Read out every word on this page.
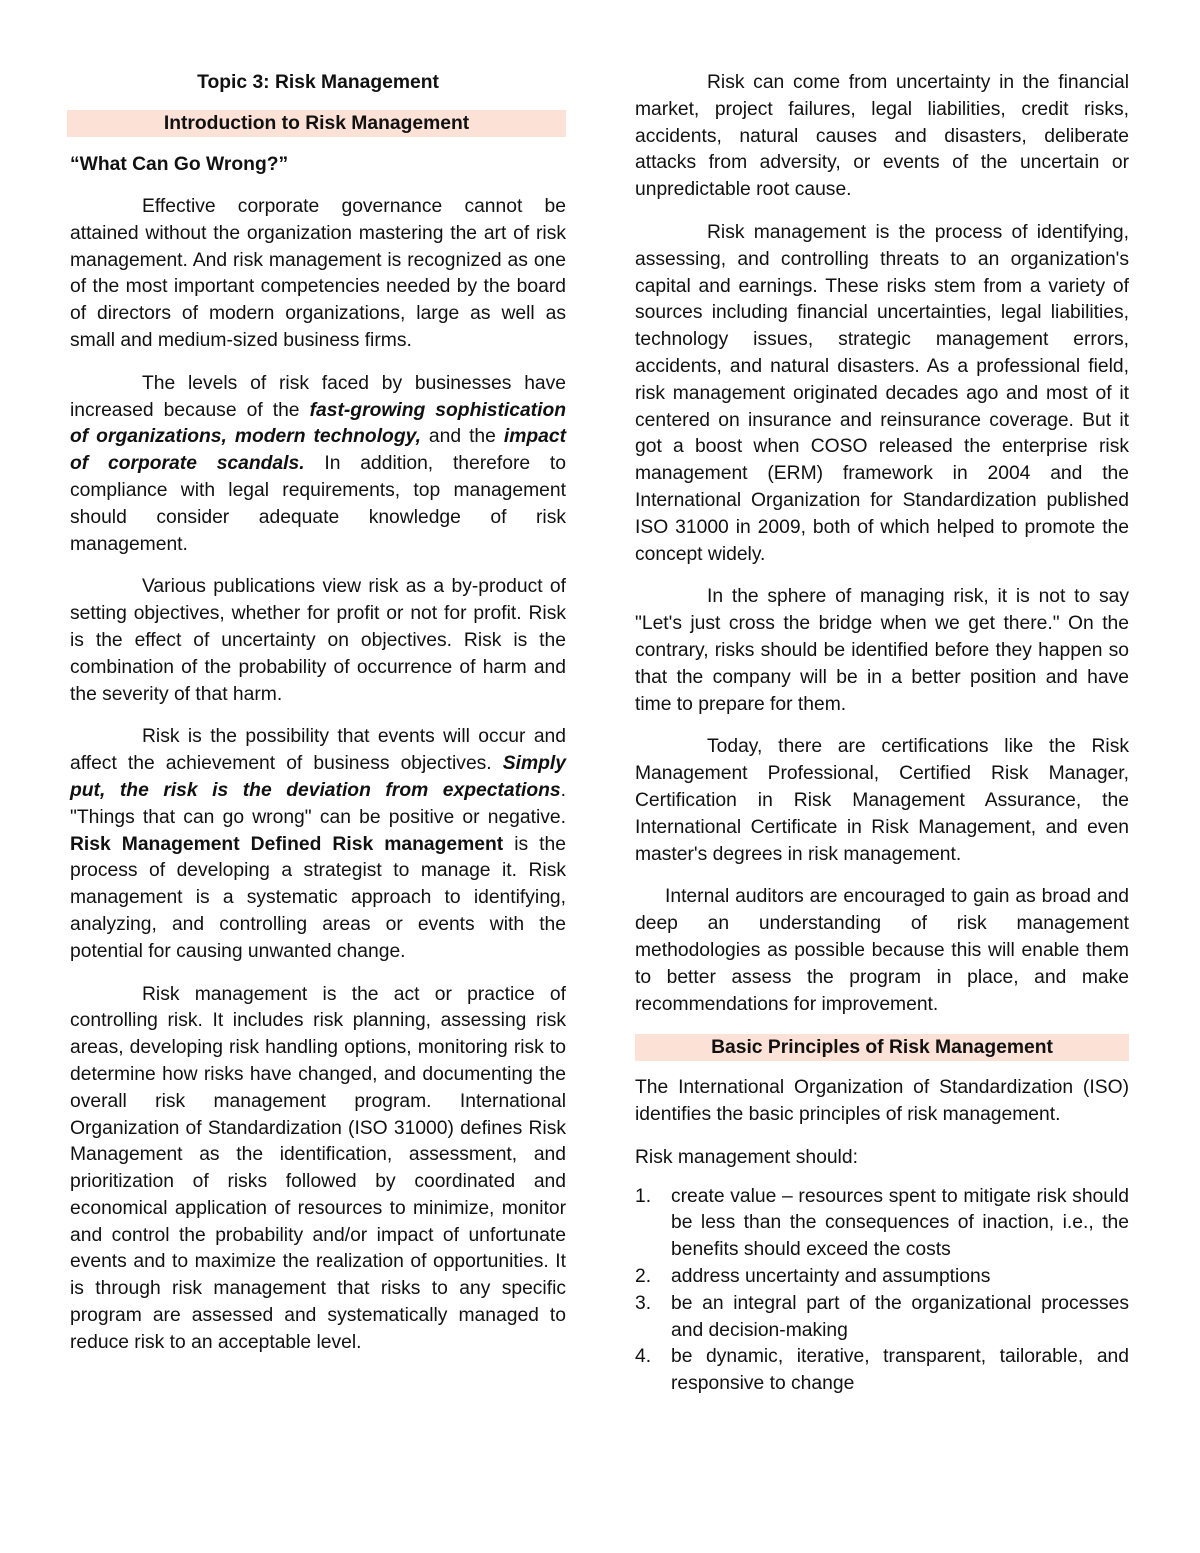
Topic 3: Risk Management
Introduction to Risk Management
“What Can Go Wrong?”

Effective corporate governance cannot be attained without the organization mastering the art of risk management. And risk management is recognized as one of the most important competencies needed by the board of directors of modern organizations, large as well as small and medium-sized business firms.

The levels of risk faced by businesses have increased because of the fast-growing sophistication of organizations, modern technology, and the impact of corporate scandals. In addition, therefore to compliance with legal requirements, top management should consider adequate knowledge of risk management.

Various publications view risk as a by-product of setting objectives, whether for profit or not for profit. Risk is the effect of uncertainty on objectives. Risk is the combination of the probability of occurrence of harm and the severity of that harm.

Risk is the possibility that events will occur and affect the achievement of business objectives. Simply put, the risk is the deviation from expectations. "Things that can go wrong" can be positive or negative. Risk Management Defined Risk management is the process of developing a strategist to manage it. Risk management is a systematic approach to identifying, analyzing, and controlling areas or events with the potential for causing unwanted change.

Risk management is the act or practice of controlling risk. It includes risk planning, assessing risk areas, developing risk handling options, monitoring risk to determine how risks have changed, and documenting the overall risk management program. International Organization of Standardization (ISO 31000) defines Risk Management as the identification, assessment, and prioritization of risks followed by coordinated and economical application of resources to minimize, monitor and control the probability and/or impact of unfortunate events and to maximize the realization of opportunities. It is through risk management that risks to any specific program are assessed and systematically managed to reduce risk to an acceptable level.

Risk can come from uncertainty in the financial market, project failures, legal liabilities, credit risks, accidents, natural causes and disasters, deliberate attacks from adversity, or events of the uncertain or unpredictable root cause.

Risk management is the process of identifying, assessing, and controlling threats to an organization's capital and earnings. These risks stem from a variety of sources including financial uncertainties, legal liabilities, technology issues, strategic management errors, accidents, and natural disasters. As a professional field, risk management originated decades ago and most of it centered on insurance and reinsurance coverage. But it got a boost when COSO released the enterprise risk management (ERM) framework in 2004 and the International Organization for Standardization published ISO 31000 in 2009, both of which helped to promote the concept widely.

In the sphere of managing risk, it is not to say "Let's just cross the bridge when we get there." On the contrary, risks should be identified before they happen so that the company will be in a better position and have time to prepare for them.

Today, there are certifications like the Risk Management Professional, Certified Risk Manager, Certification in Risk Management Assurance, the International Certificate in Risk Management, and even master's degrees in risk management.

Internal auditors are encouraged to gain as broad and deep an understanding of risk management methodologies as possible because this will enable them to better assess the program in place, and make recommendations for improvement.

Basic Principles of Risk Management

The International Organization of Standardization (ISO) identifies the basic principles of risk management.

Risk management should:

1. create value – resources spent to mitigate risk should be less than the consequences of inaction, i.e., the benefits should exceed the costs
2. address uncertainty and assumptions
3. be an integral part of the organizational processes and decision-making
4. be dynamic, iterative, transparent, tailorable, and responsive to change
